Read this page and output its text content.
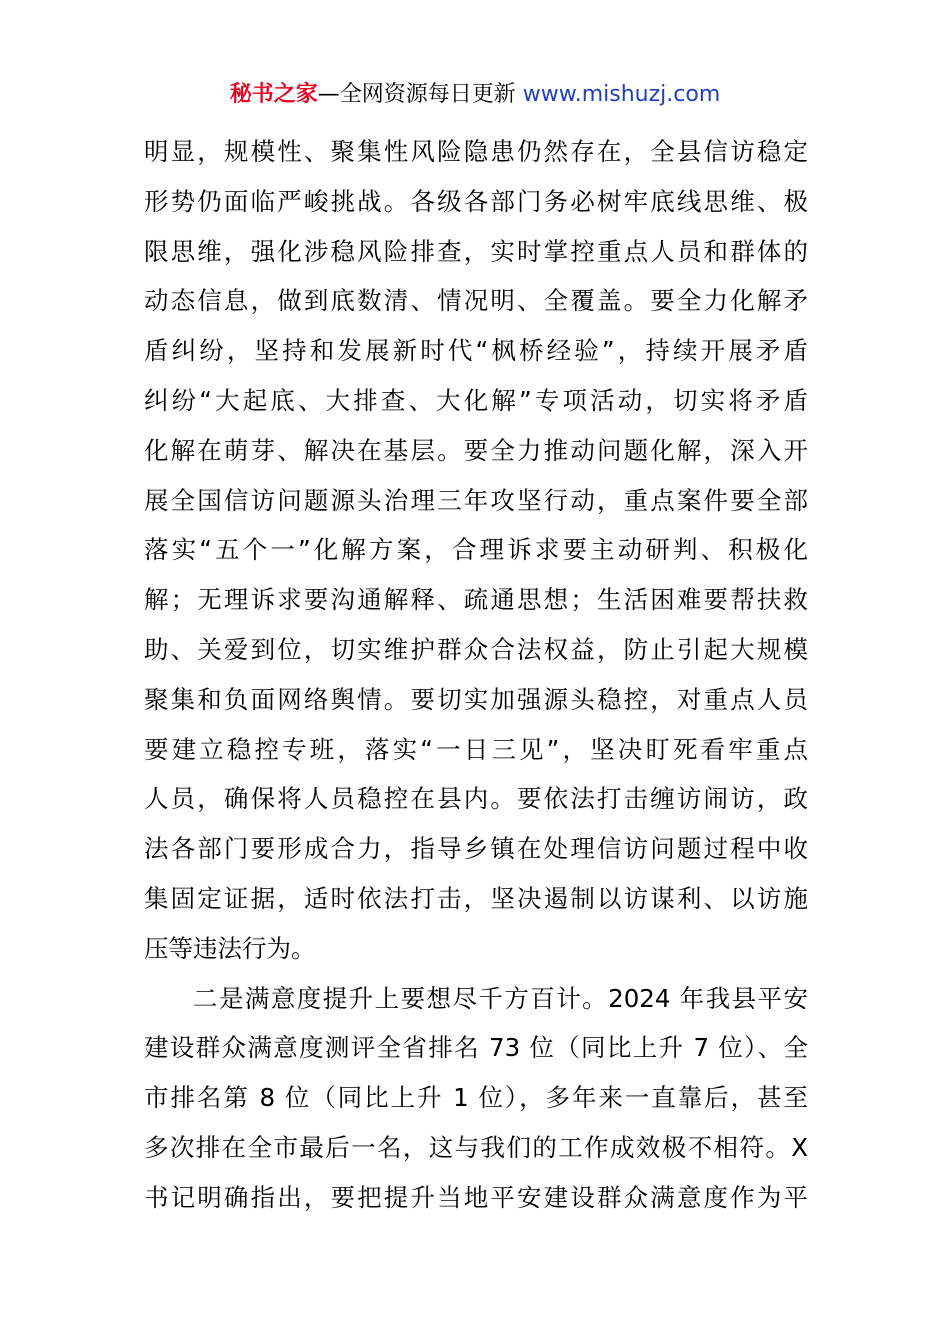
秘书之家—全网资源每日更新 www.mishuzj.com
明显，规模性、聚集性风险隐患仍然存在，全县信访稳定
形势仍面临严峻挑战。各级各部门务必树牢底线思维、极
限思维，强化涉稳风险排查，实时掌控重点人员和群体的
动态信息，做到底数清、情况明、全覆盖。要全力化解矛
盾纠纷，坚持和发展新时代“枫桥经验”，持续开展矛盾
纠纷“大起底、大排查、大化解”专项活动，切实将矛盾
化解在萌芽、解决在基层。要全力推动问题化解，深入开
展全国信访问题源头治理三年攻坚行动，重点案件要全部
落实“五个一”化解方案，合理诉求要主动研判、积极化
解；无理诉求要沟通解释、疏通思想；生活困难要帮扶救
助、关爱到位，切实维护群众合法权益，防止引起大规模
聚集和负面网络舆情。要切实加强源头稳控，对重点人员
要建立稳控专班，落实“一日三见”，坚决盯死看牢重点
人员，确保将人员稳控在县内。要依法打击缠访闹访，政
法各部门要形成合力，指导乡镇在处理信访问题过程中收
集固定证据，适时依法打击，坚决遏制以访谋利、以访施
压等违法行为。
二是满意度提升上要想尽千方百计。2024 年我县平安
建设群众满意度测评全省排名 73 位（同比上升 7 位）、全
市排名第 8 位（同比上升 1 位），多年来一直靠后，甚至
多次排在全市最后一名，这与我们的工作成效极不相符。X
书记明确指出，要把提升当地平安建设群众满意度作为平
